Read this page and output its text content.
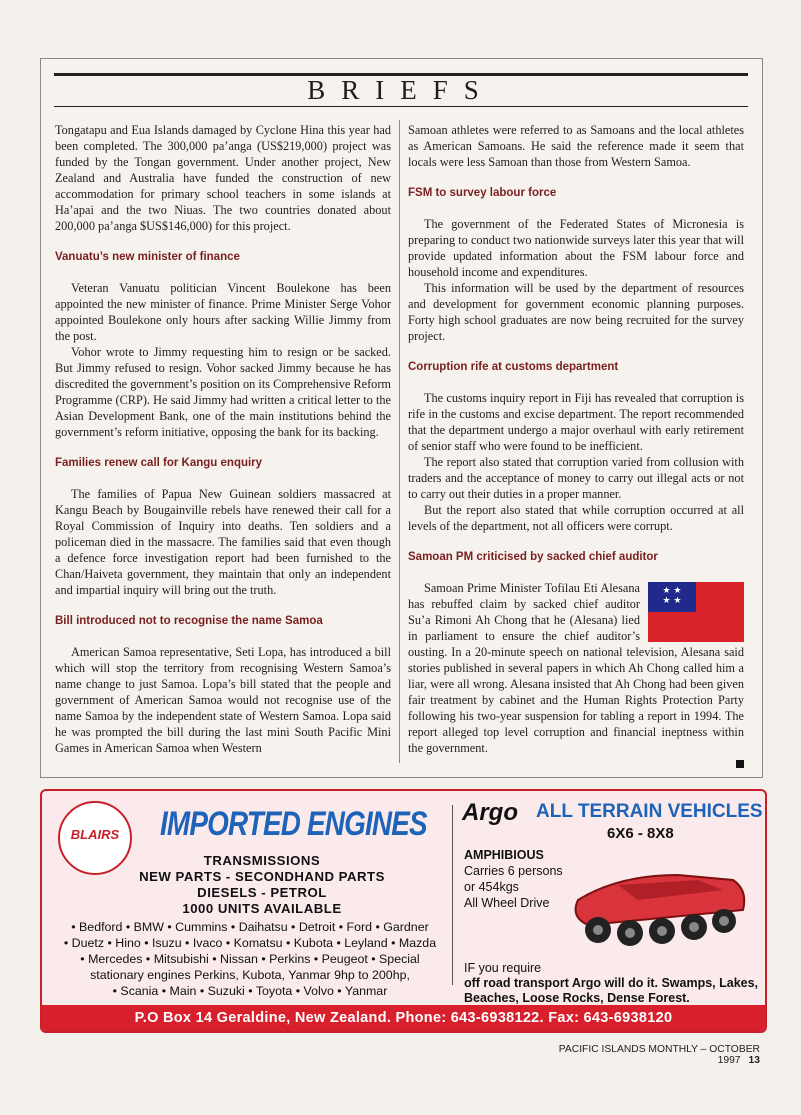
BRIEFS

Tongatapu and Eua Islands damaged by Cyclone Hina this year had been completed. The 300,000 pa’anga (US$219,000) project was funded by the Tongan government. Under another project, New Zealand and Australia have funded the construction of new accommodation for primary school teachers in some islands at Ha’apai and the two Niuas. The two countries donated about 200,000 pa’anga $US$146,000) for this project.

Vanuatu’s new minister of finance

Veteran Vanuatu politician Vincent Boulekone has been appointed the new minister of finance. Prime Minister Serge Vohor appointed Boulekone only hours after sacking Willie Jimmy from the post.

Vohor wrote to Jimmy requesting him to resign or be sacked. But Jimmy refused to resign. Vohor sacked Jimmy because he has discredited the government’s position on its Comprehensive Reform Programme (CRP). He said Jimmy had written a critical letter to the Asian Development Bank, one of the main institutions behind the government’s reform initiative, opposing the bank for its backing.

Families renew call for Kangu enquiry

The families of Papua New Guinean soldiers massacred at Kangu Beach by Bougainville rebels have renewed their call for a Royal Commission of Inquiry into deaths. Ten soldiers and a policeman died in the massacre. The families said that even though a defence force investigation report had been furnished to the Chan/Haiveta government, they maintain that only an independent and impartial inquiry will bring out the truth.

Bill introduced not to recognise the name Samoa

American Samoa representative, Seti Lopa, has introduced a bill which will stop the territory from recognising Western Samoa’s name change to just Samoa. Lopa’s bill stated that the people and government of American Samoa would not recognise use of the name Samoa by the independent state of Western Samoa. Lopa said he was prompted the bill during the last mini South Pacific Mini Games in American Samoa when Western

Samoan athletes were referred to as Samoans and the local athletes as American Samoans. He said the reference made it seem that locals were less Samoan than those from Western Samoa.

FSM to survey labour force

The government of the Federated States of Micronesia is preparing to conduct two nationwide surveys later this year that will provide updated information about the FSM labour force and household income and expenditures.

This information will be used by the department of resources and development for government economic planning purposes. Forty high school graduates are now being recruited for the survey project.

Corruption rife at customs department

The customs inquiry report in Fiji has revealed that corruption is rife in the customs and excise department. The report recommended that the department undergo a major overhaul with early retirement of senior staff who were found to be inefficient.

The report also stated that corruption varied from collusion with traders and the acceptance of money to carry out illegal acts or not to carry out their duties in a proper manner.

But the report also stated that while corruption occurred at all levels of the department, not all officers were corrupt.

Samoan PM criticised by sacked chief auditor
★ ★
★ ★

Samoan Prime Minister Tofilau Eti Alesana has rebuffed claim by sacked chief auditor Su’a Rimoni Ah Chong that he (Alesana) lied in parliament to ensure the chief auditor’s ousting. In a 20-minute speech on national television, Alesana said stories published in several papers in which Ah Chong called him a liar, were all wrong. Alesana insisted that Ah Chong had been given fair treatment by cabinet and the Human Rights Protection Party following his two-year suspension for tabling a report in 1994. The report alleged top level corruption and financial ineptness within the government.

BLAIRS	IMPORTED ENGINES
TRANSMISSIONS
NEW PARTS - SECONDHAND PARTS
DIESELS - PETROL
1000 UNITS AVAILABLE
• Bedford • BMW • Cummins • Daihatsu • Detroit • Ford • Gardner
• Duetz • Hino • Isuzu • Ivaco • Komatsu • Kubota • Leyland • Mazda
• Mercedes • Mitsubishi • Nissan • Perkins • Peugeot • Special
stationary engines Perkins, Kubota, Yanmar 9hp to 200hp,
• Scania • Main • Suzuki • Toyota • Volvo • Yanmar
Argo ALL TERRAIN VEHICLES
6X6 - 8X8
AMPHIBIOUS
Carries 6 persons
or 454kgs
All Wheel Drive
IF you require
off road transport Argo will do it. Swamps, Lakes, Beaches, Loose Rocks, Dense Forest.
P.O Box 14 Geraldine, New Zealand. Phone: 643-6938122. Fax: 643-6938120
PACIFIC ISLANDS MONTHLY – OCTOBER 1997 13
